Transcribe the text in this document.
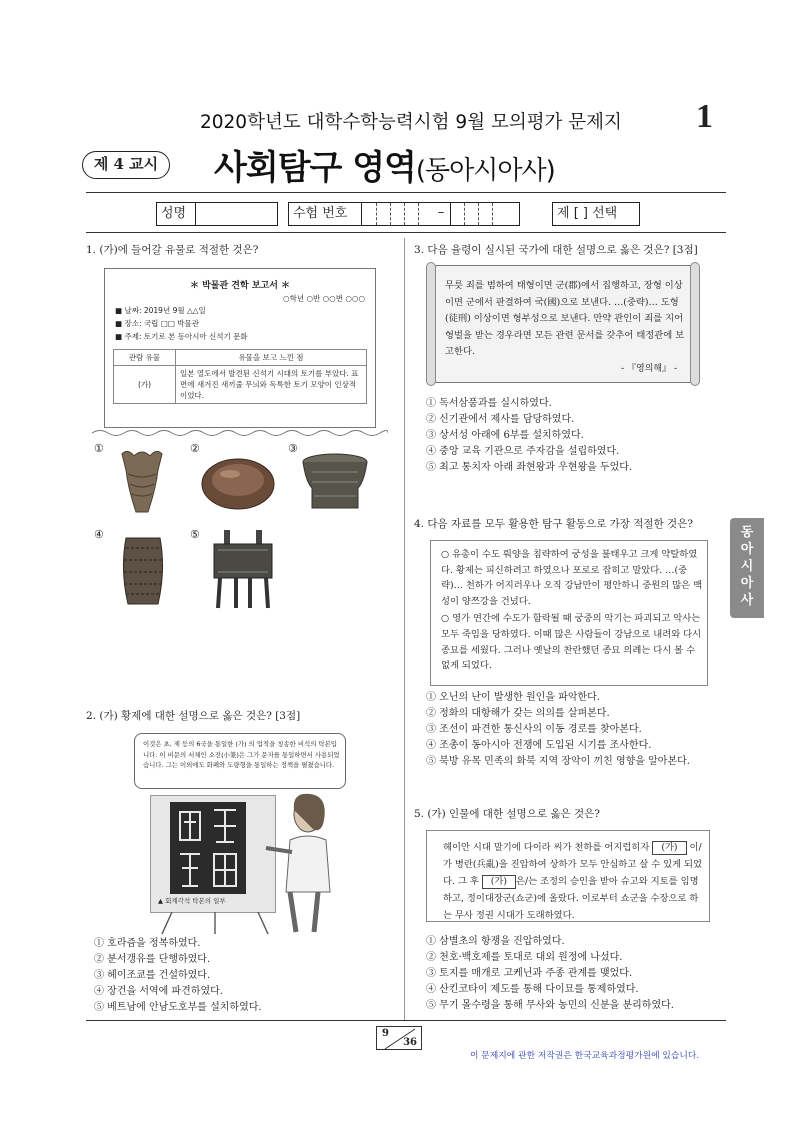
2020학년도 대학수학능력시험 9월 모의평가 문제지 1
제 4 교시	사회탐구 영역(동아시아사)
성명	수험 번호	–	제 [ ] 선택
동아시아사
1. (가)에 들어갈 유물로 적절한 것은?
＊ 박물관 견학 보고서 ＊
○학년 ○반 ○○번 ○○○
■ 날짜: 2019년 9월 △△일
■ 장소: 국립 □□ 박물관
■ 주제: 토기로 본 동아시아 신석기 문화
관람 유물	유물을 보고 느낀 점
(가)	일본 열도에서 발견된 신석기 시대의 토기를 부았다. 표면에 새겨진 새끼줄 무늬와 독특한 토기 모양이 인상적이었다.
①	②	③
④	⑤
2. (가) 황제에 대한 설명으로 옳은 것은? [3점]
이것은 초, 제 등의 6국을 통일한 (가) 의 업적을 칭송한 비석의 탁본입니다. 이 비문의 서체인 소전(小篆)은 그가 문자를 통일하면서 사용되었습니다. 그는 이외에도 화폐와 도량형을 통일하는 정책을 펼쳤습니다.
▲ 회계각석 탁본의 일부
① 호라즘을 정복하였다.
② 분서갱유를 단행하였다.
③ 헤이조쿄를 건설하였다.
④ 장건을 서역에 파견하였다.
⑤ 베트남에 안남도호부를 설치하였다.
3. 다음 율령이 실시된 국가에 대한 설명으로 옳은 것은? [3점]
무릇 죄를 범하여 태형이면 군(郡)에서 집행하고, 장형 이상이면 군에서 판결하여 국(國)으로 보낸다. …(중략)… 도형(徒刑) 이상이면 형부성으로 보낸다. 만약 관인이 죄를 지어 형벌을 받는 경우라면 모든 관련 문서를 갖추어 태정관에 보고한다.
- 『영의해』 -
① 독서삼품과를 실시하였다.
② 신기관에서 제사를 담당하였다.
③ 상서성 아래에 6부를 설치하였다.
④ 중앙 교육 기관으로 주자감을 설립하였다.
⑤ 최고 통치자 아래 좌현왕과 우현왕을 두었다.
4. 다음 자료를 모두 활용한 탐구 활동으로 가장 적절한 것은?
○ 유총이 수도 뤄양을 침략하여 궁성을 불태우고 크게 약탈하였다. 황제는 피신하려고 하였으나 포로로 잡히고 말았다. …(중략)… 천하가 어지러우나 오직 강남만이 평안하니 중원의 많은 백성이 양쯔강을 건넜다.
○ 영가 연간에 수도가 함락될 때 궁중의 악기는 파괴되고 악사는 모두 죽임을 당하였다. 이때 많은 사람들이 강남으로 내려와 다시 종묘를 세웠다. 그러나 옛날의 찬란했던 종묘 의례는 다시 볼 수 없게 되었다.
① 오닌의 난이 발생한 원인을 파악한다.
② 정화의 대항해가 갖는 의의를 살펴본다.
③ 조선이 파견한 통신사의 이동 경로를 찾아본다.
④ 조총이 동아시아 전쟁에 도입된 시기를 조사한다.
⑤ 북방 유목 민족의 화북 지역 장악이 끼친 영향을 알아본다.
5. (가) 인물에 대한 설명으로 옳은 것은?
헤이안 시대 말기에 다이라 씨가 천하를 어지럽히자 (가) 이/가 병란(兵亂)을 진압하여 상하가 모두 안심하고 살 수 있게 되었다. 그 후 (가) 은/는 조정의 승인을 받아 슈고와 지토를 임명하고, 정이대장군(쇼군)에 올랐다. 이로부터 쇼군을 수장으로 하는 무사 정권 시대가 도래하였다.
① 삼별초의 항쟁을 진압하였다.
② 천호·백호제를 토대로 대외 원정에 나섰다.
③ 토지를 매개로 고케닌과 주종 관계를 맺었다.
④ 산킨코타이 제도를 통해 다이묘를 통제하였다.
⑤ 무기 몰수령을 통해 무사와 농민의 신분을 분리하였다.
9
36
이 문제지에 관한 저작권은 한국교육과정평가원에 있습니다.
